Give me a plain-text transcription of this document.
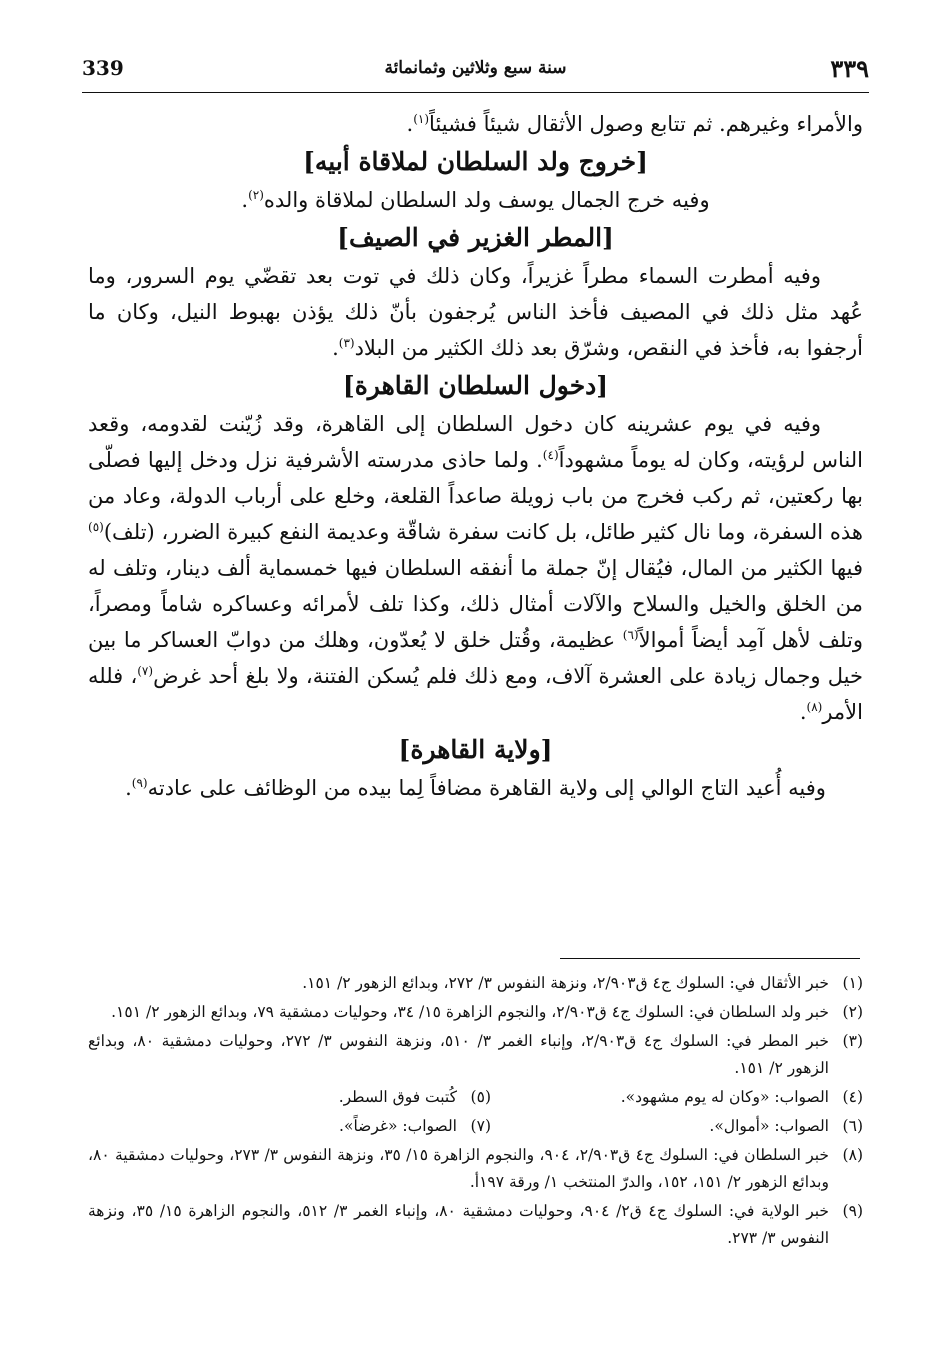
٣٣٩
سنة سبع وثلاثين وثمانمائة
339

والأمراء وغيرهم. ثم تتابع وصول الأثقال شيئاً فشيئاً$^{(١)}$.

[خروج ولد السلطان لملاقاة أبيه]

وفيه خرج الجمال يوسف ولد السلطان لملاقاة والده$^{(٢)}$.

[المطر الغزير في الصيف]

وفيه أمطرت السماء مطراً غزيراً، وكان ذلك في توت بعد تقضّي يوم السرور، وما عُهد مثل ذلك في المصيف فأخذ الناس يُرجفون بأنّ ذلك يؤذن بهبوط النيل، وكان ما أرجفوا به، فأخذ في النقص، وشرّق بعد ذلك الكثير من البلاد$^{(٣)}$.

[دخول السلطان القاهرة]

وفيه في يوم عشرينه كان دخول السلطان إلى القاهرة، وقد زُيّنت لقدومه، وقعد الناس لرؤيته، وكان له يوماً مشهوداً$^{(٤)}$. ولما حاذى مدرسته الأشرفية نزل ودخل إليها فصلّى بها ركعتين، ثم ركب فخرج من باب زويلة صاعداً القلعة، وخلع على أرباب الدولة، وعاد من هذه السفرة، وما نال كثير طائل، بل كانت سفرة شاقّة وعديمة النفع كبيرة الضرر، (تلف)$^{(٥)}$ فيها الكثير من المال، فيُقال إنّ جملة ما أنفقه السلطان فيها خمسماية ألف دينار، وتلف له من الخلق والخيل والسلاح والآلات أمثال ذلك، وكذا تلف لأمرائه وعساكره شاماً ومصراً، وتلف لأهل آمِد أيضاً أموالاً$^{(٦)}$ عظيمة، وقُتل خلق لا يُعدّون، وهلك من دوابّ العساكر ما بين خيل وجمال زيادة على العشرة آلاف، ومع ذلك فلم يُسكن الفتنة، ولا بلغ أحد غرض$^{(٧)}$، فلله الأمر$^{(٨)}$.

[ولاية القاهرة]

وفيه أُعيد التاج الوالي إلى ولاية القاهرة مضافاً لِما بيده من الوظائف على عادته$^{(٩)}$.

(١)
خبر الأثقال في: السلوك ج٤ ق٢/٩٠٣، ونزهة النفوس ٣/ ٢٧٢، وبدائع الزهور ٢/ ١٥١.
(٢)
خبر ولد السلطان في: السلوك ج٤ ق٢/٩٠٣، والنجوم الزاهرة ١٥/ ٣٤، وحوليات دمشقية ٧٩، وبدائع الزهور ٢/ ١٥١.
(٣)
خبر المطر في: السلوك ج٤ ق٢/٩٠٣، وإنباء الغمر ٣/ ٥١٠، ونزهة النفوس ٣/ ٢٧٢، وحوليات دمشقية ٨٠، وبدائع الزهور ٢/ ١٥١.
(٤)
الصواب: «وكان له يوم مشهود».
(٥)
كُتبت فوق السطر.
(٦)
الصواب: «أموال».
(٧)
الصواب: «غرضاً».
(٨)
خبر السلطان في: السلوك ج٤ ق٢/٩٠٣، ٩٠٤، والنجوم الزاهرة ١٥/ ٣٥، ونزهة النفوس ٣/ ٢٧٣، وحوليات دمشقية ٨٠، وبدائع الزهور ٢/ ١٥١، ١٥٢، والدرّ المنتخب ١/ ورقة ١٩٧أ.
(٩)
خبر الولاية في: السلوك ج٤ ق٢/ ٩٠٤، وحوليات دمشقية ٨٠، وإنباء الغمر ٣/ ٥١٢، والنجوم الزاهرة ١٥/ ٣٥، ونزهة النفوس ٣/ ٢٧٣.
